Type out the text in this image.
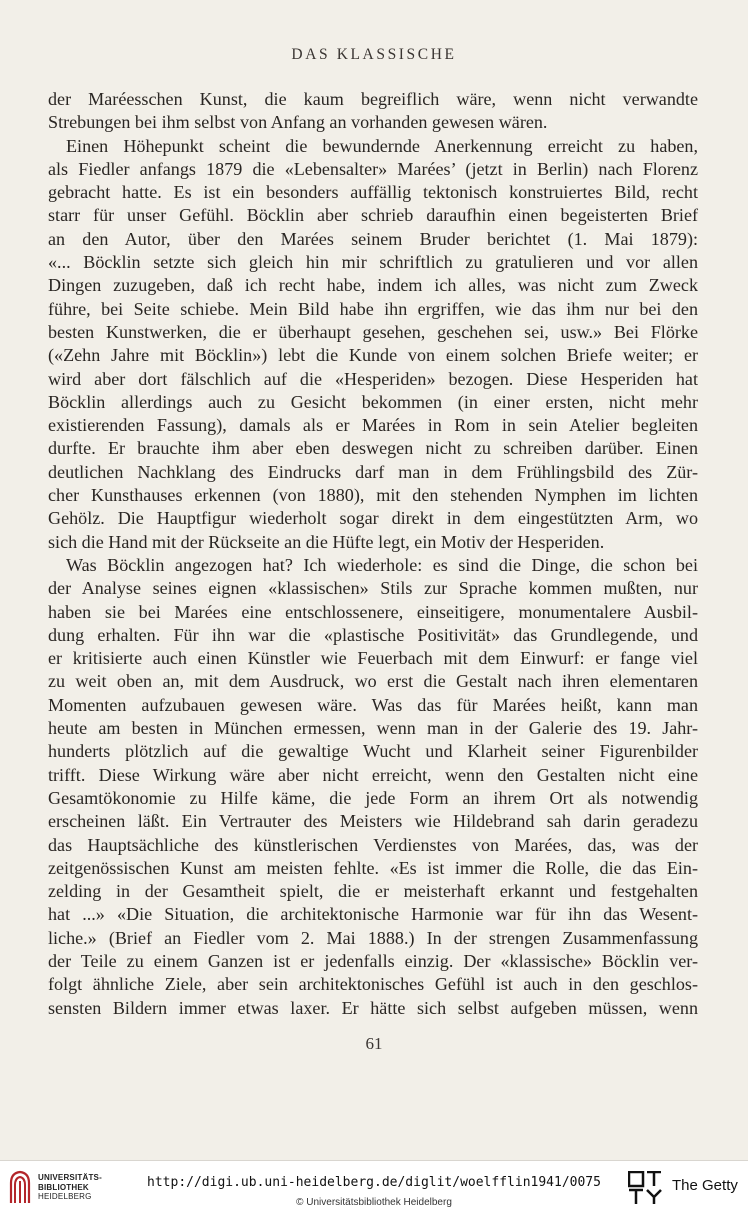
DAS KLASSISCHE

der Maréesschen Kunst, die kaum begreiflich wäre, wenn nicht verwandte
Strebungen bei ihm selbst von Anfang an vorhanden gewesen wären.
Einen Höhepunkt scheint die bewundernde Anerkennung erreicht zu haben,
als Fiedler anfangs 1879 die «Lebensalter» Marées’ (jetzt in Berlin) nach Florenz
gebracht hatte. Es ist ein besonders auffällig tektonisch konstruiertes Bild, recht
starr für unser Gefühl. Böcklin aber schrieb daraufhin einen begeisterten Brief
an den Autor, über den Marées seinem Bruder berichtet (1. Mai 1879):
«... Böcklin setzte sich gleich hin mir schriftlich zu gratulieren und vor allen
Dingen zuzugeben, daß ich recht habe, indem ich alles, was nicht zum Zweck
führe, bei Seite schiebe. Mein Bild habe ihn ergriffen, wie das ihm nur bei den
besten Kunstwerken, die er überhaupt gesehen, geschehen sei, usw.» Bei Flörke
(«Zehn Jahre mit Böcklin») lebt die Kunde von einem solchen Briefe weiter; er
wird aber dort fälschlich auf die «Hesperiden» bezogen. Diese Hesperiden hat
Böcklin allerdings auch zu Gesicht bekommen (in einer ersten, nicht mehr
existierenden Fassung), damals als er Marées in Rom in sein Atelier begleiten
durfte. Er brauchte ihm aber eben deswegen nicht zu schreiben darüber. Einen
deutlichen Nachklang des Eindrucks darf man in dem Frühlingsbild des Zür-
cher Kunsthauses erkennen (von 1880), mit den stehenden Nymphen im lichten
Gehölz. Die Hauptfigur wiederholt sogar direkt in dem eingestützten Arm, wo
sich die Hand mit der Rückseite an die Hüfte legt, ein Motiv der Hesperiden.
Was Böcklin angezogen hat? Ich wiederhole: es sind die Dinge, die schon bei
der Analyse seines eignen «klassischen» Stils zur Sprache kommen mußten, nur
haben sie bei Marées eine entschlossenere, einseitigere, monumentalere Ausbil-
dung erhalten. Für ihn war die «plastische Positivität» das Grundlegende, und
er kritisierte auch einen Künstler wie Feuerbach mit dem Einwurf: er fange viel
zu weit oben an, mit dem Ausdruck, wo erst die Gestalt nach ihren elementaren
Momenten aufzubauen gewesen wäre. Was das für Marées heißt, kann man
heute am besten in München ermessen, wenn man in der Galerie des 19. Jahr-
hunderts plötzlich auf die gewaltige Wucht und Klarheit seiner Figurenbilder
trifft. Diese Wirkung wäre aber nicht erreicht, wenn den Gestalten nicht eine
Gesamtökonomie zu Hilfe käme, die jede Form an ihrem Ort als notwendig
erscheinen läßt. Ein Vertrauter des Meisters wie Hildebrand sah darin geradezu
das Hauptsächliche des künstlerischen Verdienstes von Marées, das, was der
zeitgenössischen Kunst am meisten fehlte. «Es ist immer die Rolle, die das Ein-
zelding in der Gesamtheit spielt, die er meisterhaft erkannt und festgehalten
hat ...» «Die Situation, die architektonische Harmonie war für ihn das Wesent-
liche.» (Brief an Fiedler vom 2. Mai 1888.) In der strengen Zusammenfassung
der Teile zu einem Ganzen ist er jedenfalls einzig. Der «klassische» Böcklin ver-
folgt ähnliche Ziele, aber sein architektonisches Gefühl ist auch in den geschlos-
sensten Bildern immer etwas laxer. Er hätte sich selbst aufgeben müssen, wenn

61
UNIVERSITÄTS-
BIBLIOTHEK
HEIDELBERG
http://digi.ub.uni-heidelberg.de/diglit/woelfflin1941/0075
© Universitätsbibliothek Heidelberg
The Getty
